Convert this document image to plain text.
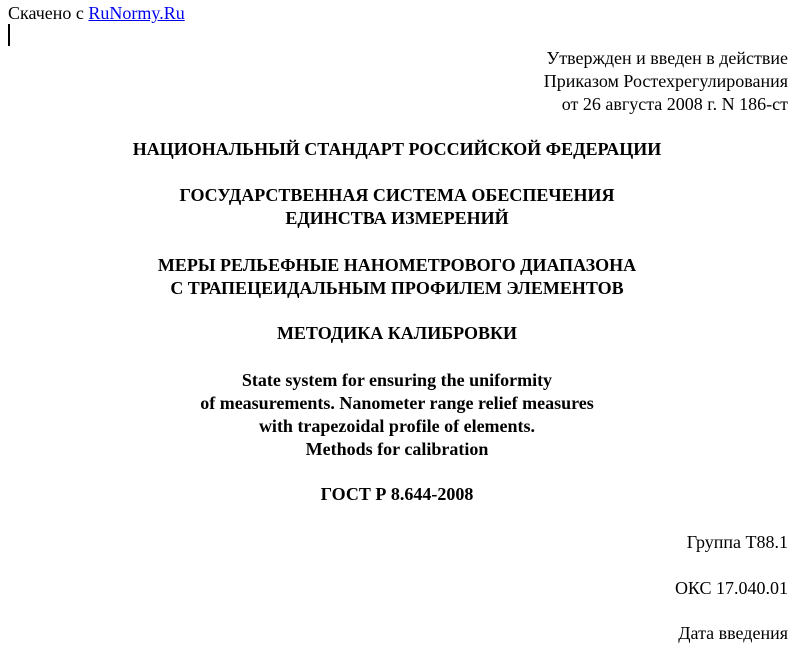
Скачено с RuNormy.Ru
Утвержден и введен в действие
Приказом Ростехрегулирования
от 26 августа 2008 г. N 186-ст
НАЦИОНАЛЬНЫЙ СТАНДАРТ РОССИЙСКОЙ ФЕДЕРАЦИИ
ГОСУДАРСТВЕННАЯ СИСТЕМА ОБЕСПЕЧЕНИЯ
ЕДИНСТВА ИЗМЕРЕНИЙ
МЕРЫ РЕЛЬЕФНЫЕ НАНОМЕТРОВОГО ДИАПАЗОНА
С ТРАПЕЦЕИДАЛЬНЫМ ПРОФИЛЕМ ЭЛЕМЕНТОВ
МЕТОДИКА КАЛИБРОВКИ
State system for ensuring the uniformity
of measurements. Nanometer range relief measures
with trapezoidal profile of elements.
Methods for calibration
ГОСТ Р 8.644-2008
Группа Т88.1
ОКС 17.040.01
Дата введения
